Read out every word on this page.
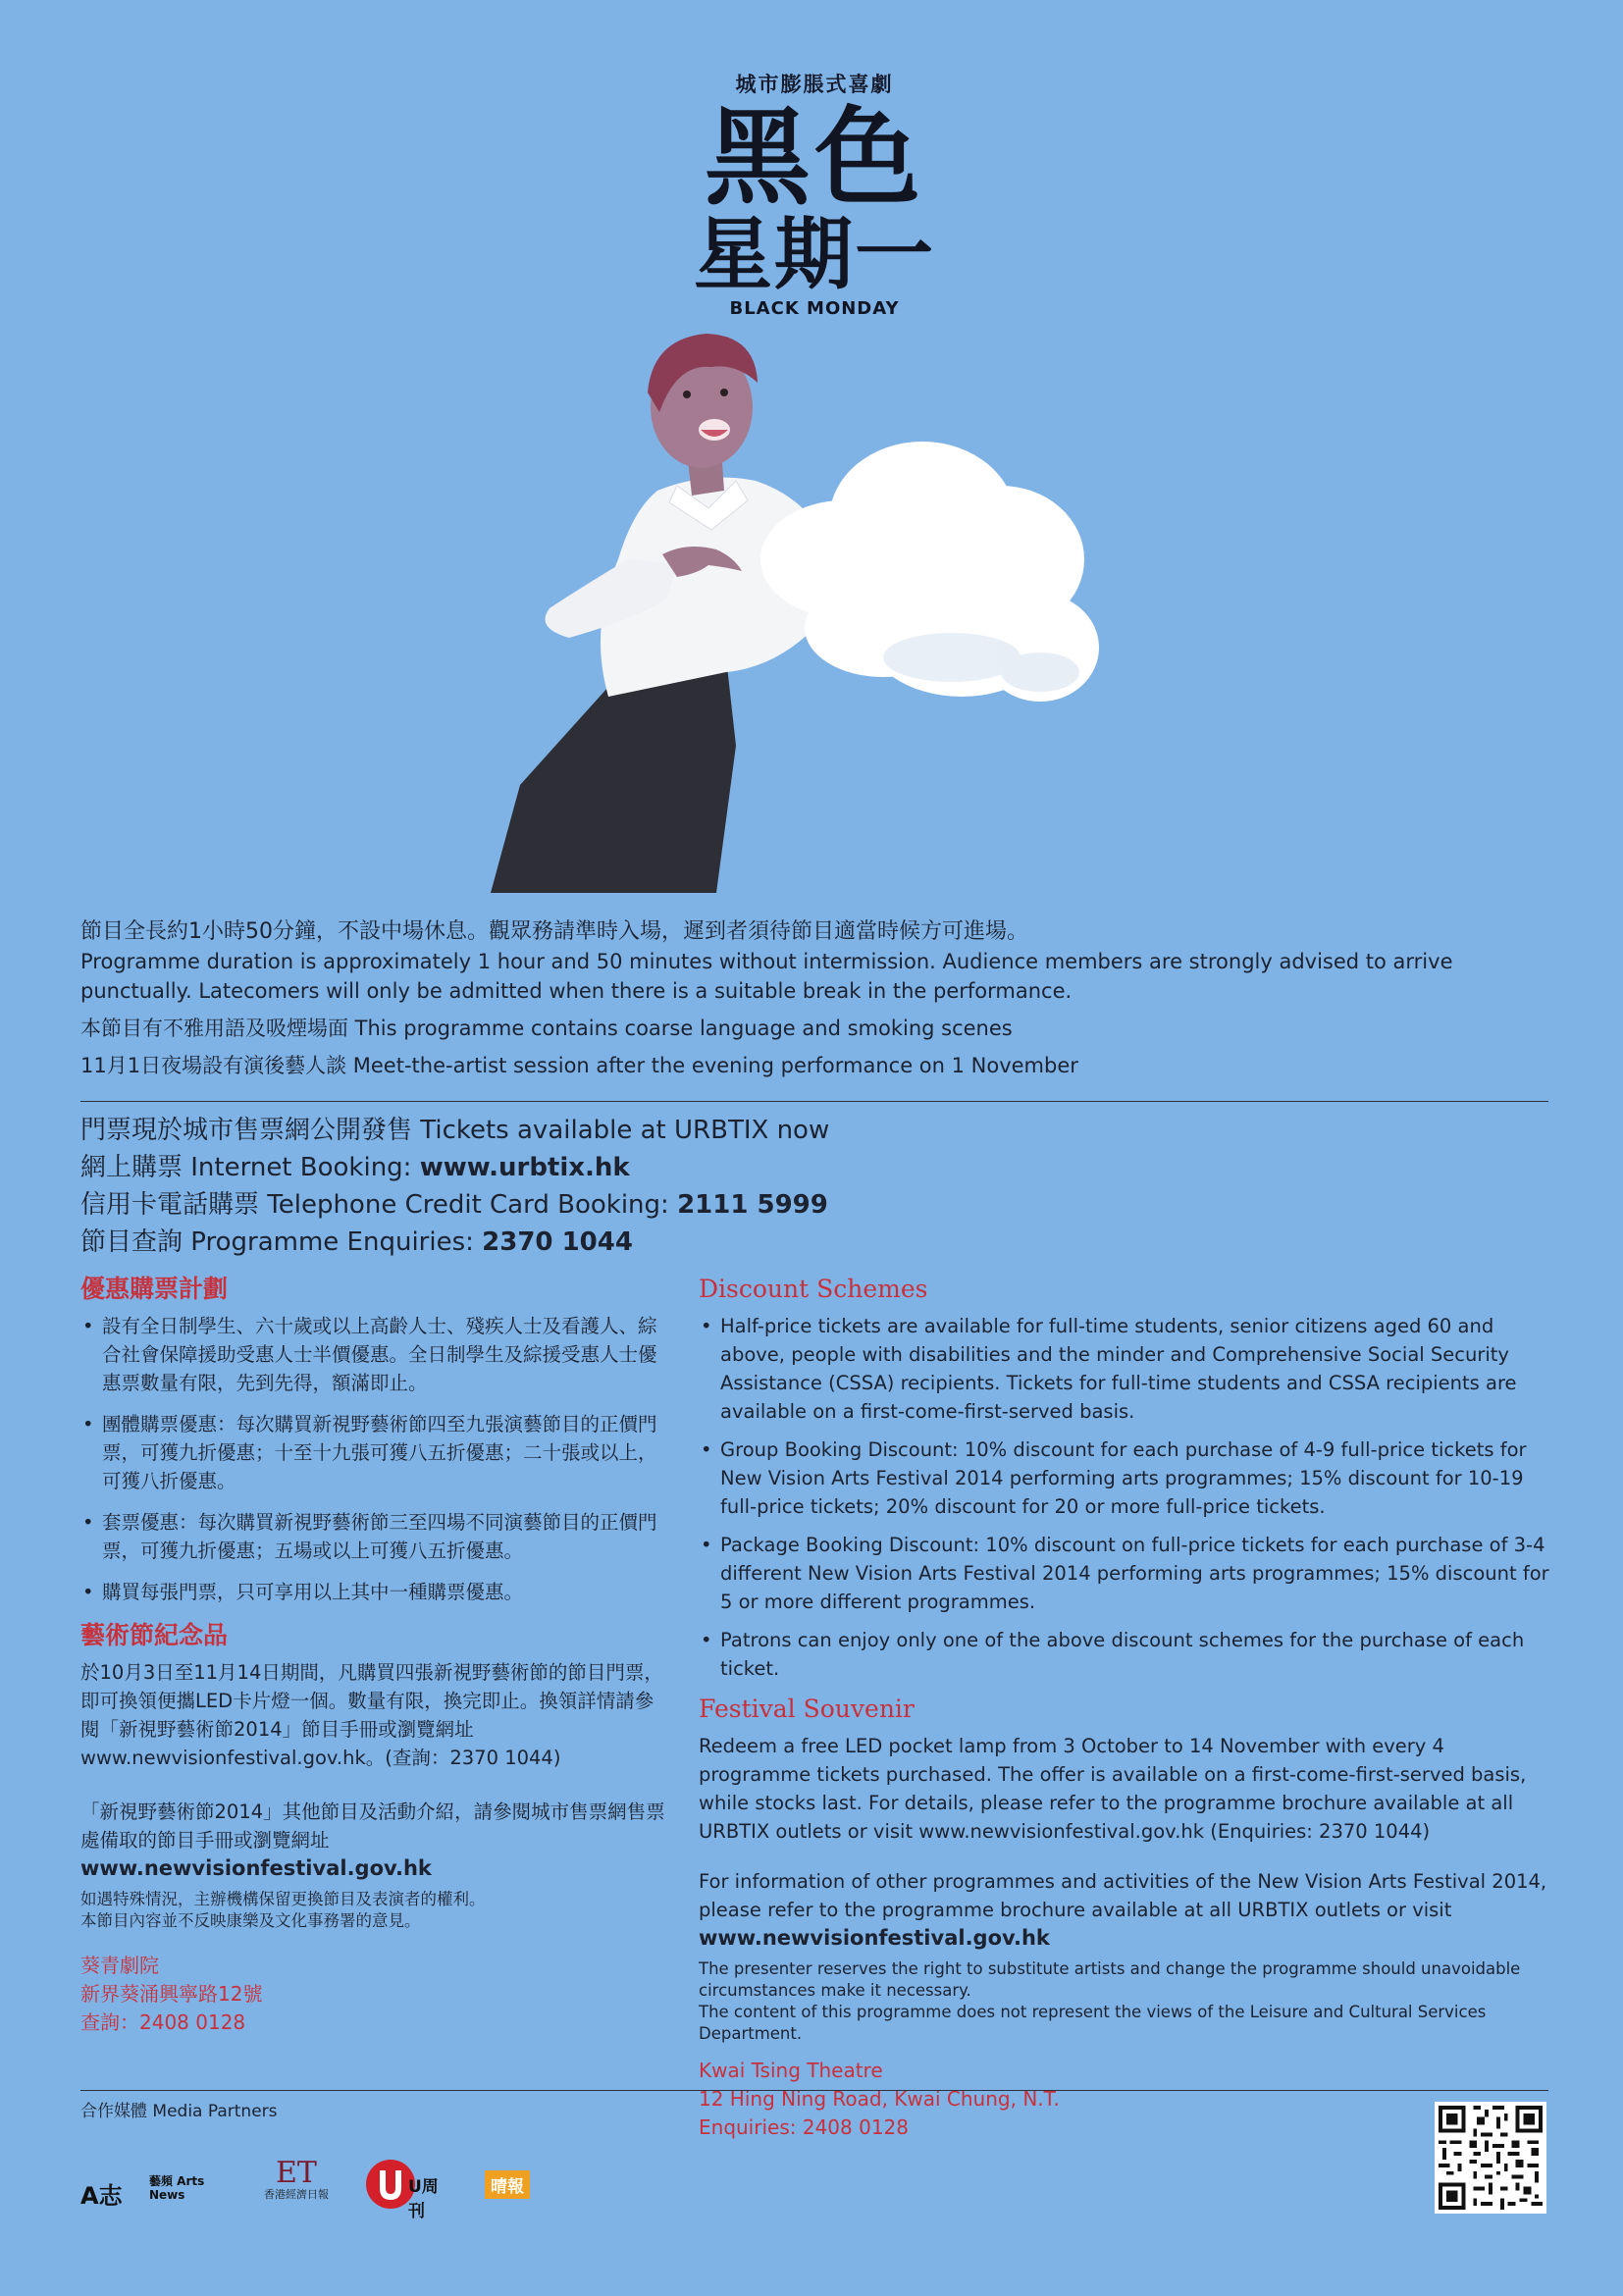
城市膨脹式喜劇
黑色
星期一
BLACK MONDAY

節目全長約1小時50分鐘，不設中場休息。觀眾務請準時入場，遲到者須待節目適當時候方可進場。

Programme duration is approximately 1 hour and 50 minutes without intermission. Audience members are strongly advised to arrive punctually. Latecomers will only be admitted when there is a suitable break in the performance.

本節目有不雅用語及吸煙場面 This programme contains coarse language and smoking scenes

11月1日夜場設有演後藝人談 Meet-the-artist session after the evening performance on 1 November

門票現於城市售票網公開發售 Tickets available at URBTIX now
網上購票 Internet Booking: www.urbtix.hk
信用卡電話購票 Telephone Credit Card Booking: 2111 5999
節目查詢 Programme Enquiries: 2370 1044
優惠購票計劃
• 設有全日制學生、六十歲或以上高齡人士、殘疾人士及看護人、綜合社會保障援助受惠人士半價優惠。全日制學生及綜援受惠人士優惠票數量有限，先到先得，額滿即止。
• 團體購票優惠：每次購買新視野藝術節四至九張演藝節目的正價門票，可獲九折優惠；十至十九張可獲八五折優惠；二十張或以上，可獲八折優惠。
• 套票優惠：每次購買新視野藝術節三至四場不同演藝節目的正價門票，可獲九折優惠；五場或以上可獲八五折優惠。
• 購買每張門票，只可享用以上其中一種購票優惠。
藝術節紀念品

於10月3日至11月14日期間，凡購買四張新視野藝術節的節目門票，即可換領便攜LED卡片燈一個。數量有限，換完即止。換領詳情請參閱「新視野藝術節2014」節目手冊或瀏覽網址 www.newvisionfestival.gov.hk。(查詢：2370 1044)

「新視野藝術節2014」其他節目及活動介紹，請參閱城市售票網售票處備取的節目手冊或瀏覽網址

www.newvisionfestival.gov.hk
如遇特殊情況，主辦機構保留更換節目及表演者的權利。
本節目內容並不反映康樂及文化事務署的意見。
葵青劇院
新界葵涌興寧路12號
查詢：2408 0128
Discount Schemes
• Half-price tickets are available for full-time students, senior citizens aged 60 and above, people with disabilities and the minder and Comprehensive Social Security Assistance (CSSA) recipients. Tickets for full-time students and CSSA recipients are available on a first-come-first-served basis.
• Group Booking Discount: 10% discount for each purchase of 4-9 full-price tickets for New Vision Arts Festival 2014 performing arts programmes; 15% discount for 10-19 full-price tickets; 20% discount for 20 or more full-price tickets.
• Package Booking Discount: 10% discount on full-price tickets for each purchase of 3-4 different New Vision Arts Festival 2014 performing arts programmes; 15% discount for 5 or more different programmes.
• Patrons can enjoy only one of the above discount schemes for the purchase of each ticket.
Festival Souvenir

Redeem a free LED pocket lamp from 3 October to 14 November with every 4 programme tickets purchased. The offer is available on a first-come-first-served basis, while stocks last. For details, please refer to the programme brochure available at all URBTIX outlets or visit www.newvisionfestival.gov.hk (Enquiries: 2370 1044)

For information of other programmes and activities of the New Vision Arts Festival 2014, please refer to the programme brochure available at all URBTIX outlets or visit

www.newvisionfestival.gov.hk
The presenter reserves the right to substitute artists and change the programme should unavoidable circumstances make it necessary.
The content of this programme does not represent the views of the Leisure and Cultural Services Department.
Kwai Tsing Theatre
12 Hing Ning Road, Kwai Chung, N.T.
Enquiries: 2408 0128
合作媒體 Media Partners
A志
藝頻 Arts News
ET
香港經濟日報	U周刊
晴報
